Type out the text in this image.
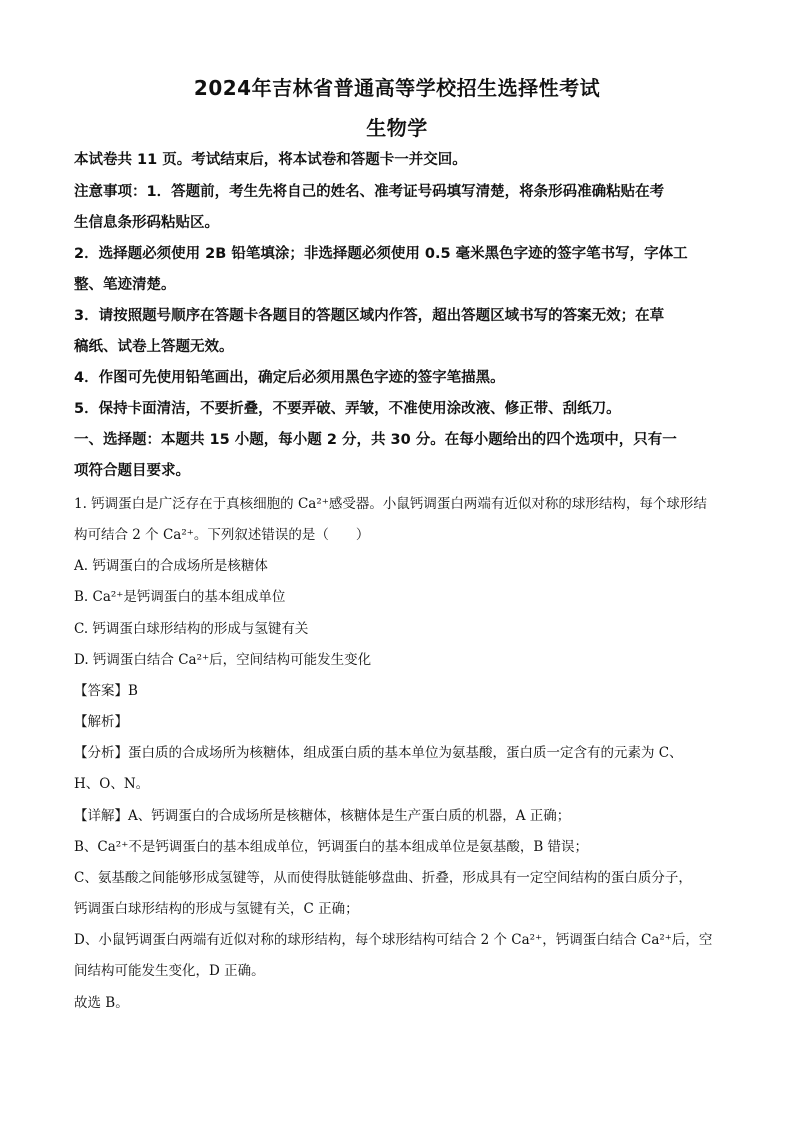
2024年吉林省普通高等学校招生选择性考试
生物学
本试卷共 11 页。考试结束后，将本试卷和答题卡一并交回。
注意事项：1．答题前，考生先将自己的姓名、准考证号码填写清楚，将条形码准确粘贴在考
生信息条形码粘贴区。
2．选择题必须使用 2B 铅笔填涂；非选择题必须使用 0.5 毫米黑色字迹的签字笔书写，字体工
整、笔迹清楚。
3．请按照题号顺序在答题卡各题目的答题区域内作答，超出答题区域书写的答案无效；在草
稿纸、试卷上答题无效。
4．作图可先使用铅笔画出，确定后必须用黑色字迹的签字笔描黑。
5．保持卡面清洁，不要折叠，不要弄破、弄皱，不准使用涂改液、修正带、刮纸刀。
一、选择题：本题共 15 小题，每小题 2 分，共 30 分。在每小题给出的四个选项中，只有一
项符合题目要求。
1. 钙调蛋白是广泛存在于真核细胞的 Ca²⁺感受器。小鼠钙调蛋白两端有近似对称的球形结构，每个球形结
构可结合 2 个 Ca²⁺。下列叙述错误的是（　　）
A. 钙调蛋白的合成场所是核糖体
B. Ca²⁺是钙调蛋白的基本组成单位
C. 钙调蛋白球形结构的形成与氢键有关
D. 钙调蛋白结合 Ca²⁺后，空间结构可能发生变化
【答案】B
【解析】
【分析】蛋白质的合成场所为核糖体，组成蛋白质的基本单位为氨基酸，蛋白质一定含有的元素为 C、
H、O、N。
【详解】A、钙调蛋白的合成场所是核糖体，核糖体是生产蛋白质的机器，A 正确；
B、Ca²⁺不是钙调蛋白的基本组成单位，钙调蛋白的基本组成单位是氨基酸，B 错误；
C、氨基酸之间能够形成氢键等，从而使得肽链能够盘曲、折叠，形成具有一定空间结构的蛋白质分子，
钙调蛋白球形结构的形成与氢键有关，C 正确；
D、小鼠钙调蛋白两端有近似对称的球形结构，每个球形结构可结合 2 个 Ca²⁺，钙调蛋白结合 Ca²⁺后，空
间结构可能发生变化，D 正确。
故选 B。
